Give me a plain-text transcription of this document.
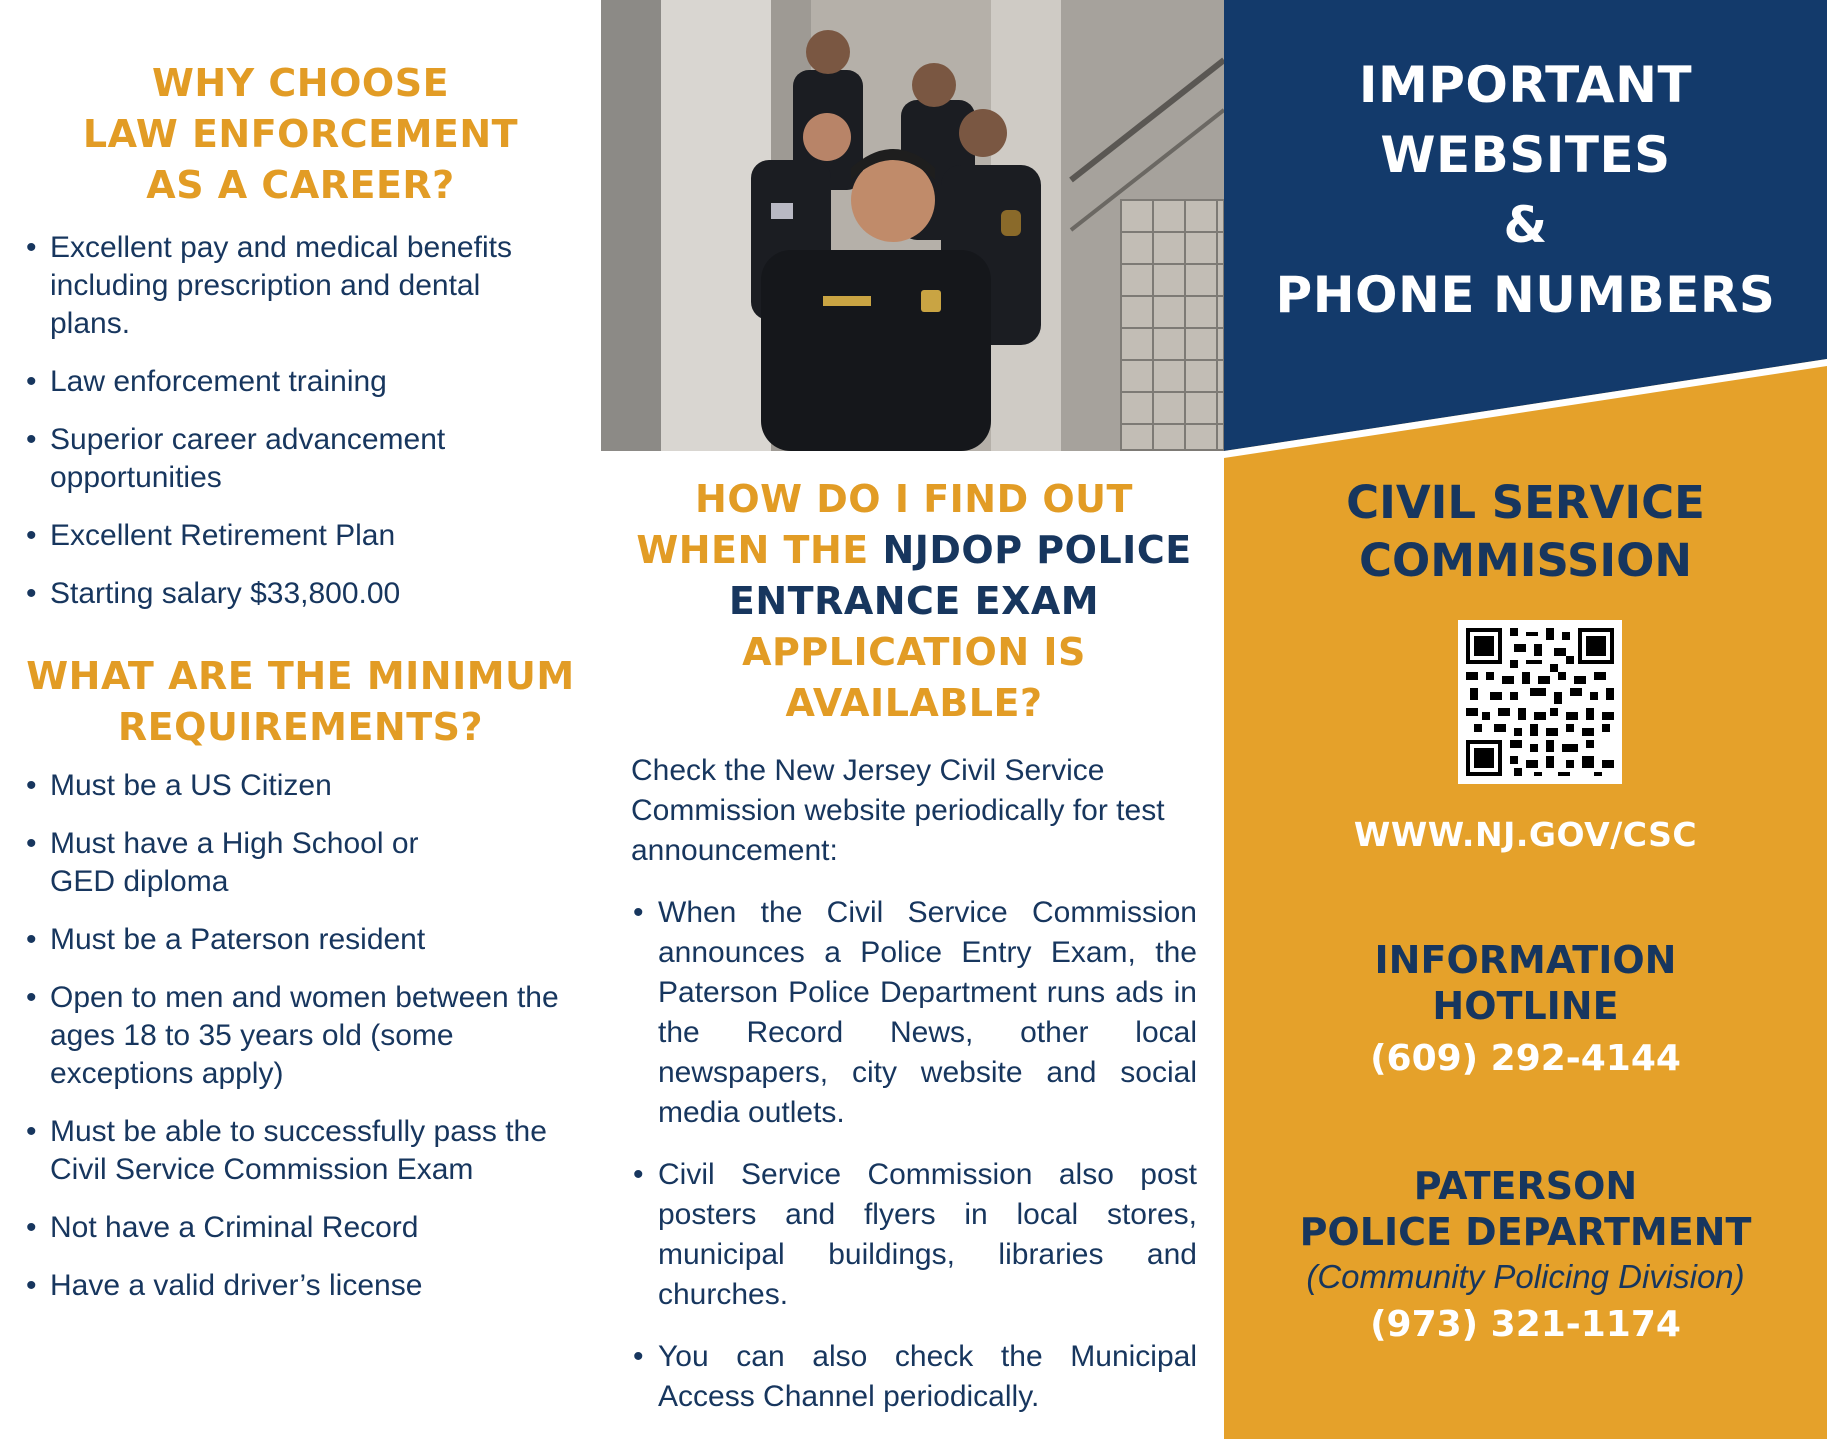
WHY CHOOSE
LAW ENFORCEMENT
AS A CAREER?
• Excellent pay and medical benefits including prescription and dental plans.
• Law enforcement training
• Superior career advancement opportunities
• Excellent Retirement Plan
• Starting salary $33,800.00
WHAT ARE THE MINIMUM
REQUIREMENTS?
• Must be a US Citizen
• Must have a High School or GED diploma
• Must be a Paterson resident
• Open to men and women between the ages 18 to 35 years old (some exceptions apply)
• Must be able to successfully pass the Civil Service Commission Exam
• Not have a Criminal Record
• Have a valid driver’s license
HOW DO I FIND OUT
WHEN THE NJDOP POLICE
ENTRANCE EXAM
APPLICATION IS
AVAILABLE?

Check the New Jersey Civil Service Commission website periodically for test announcement:

• When the Civil Service Commission announces a Police Entry Exam, the Paterson Police Department runs ads in the Record News, other local newspapers, city website and social media outlets.
• Civil Service Commission also post posters and flyers in local stores, municipal buildings, libraries and churches.
• You can also check the Municipal Access Channel periodically.
IMPORTANT
WEBSITES
&
PHONE NUMBERS
CIVIL SERVICE
COMMISSION
WWW.NJ.GOV/CSC
INFORMATION
HOTLINE
(609) 292-4144
PATERSON
POLICE DEPARTMENT
(Community Policing Division)
(973) 321-1174
